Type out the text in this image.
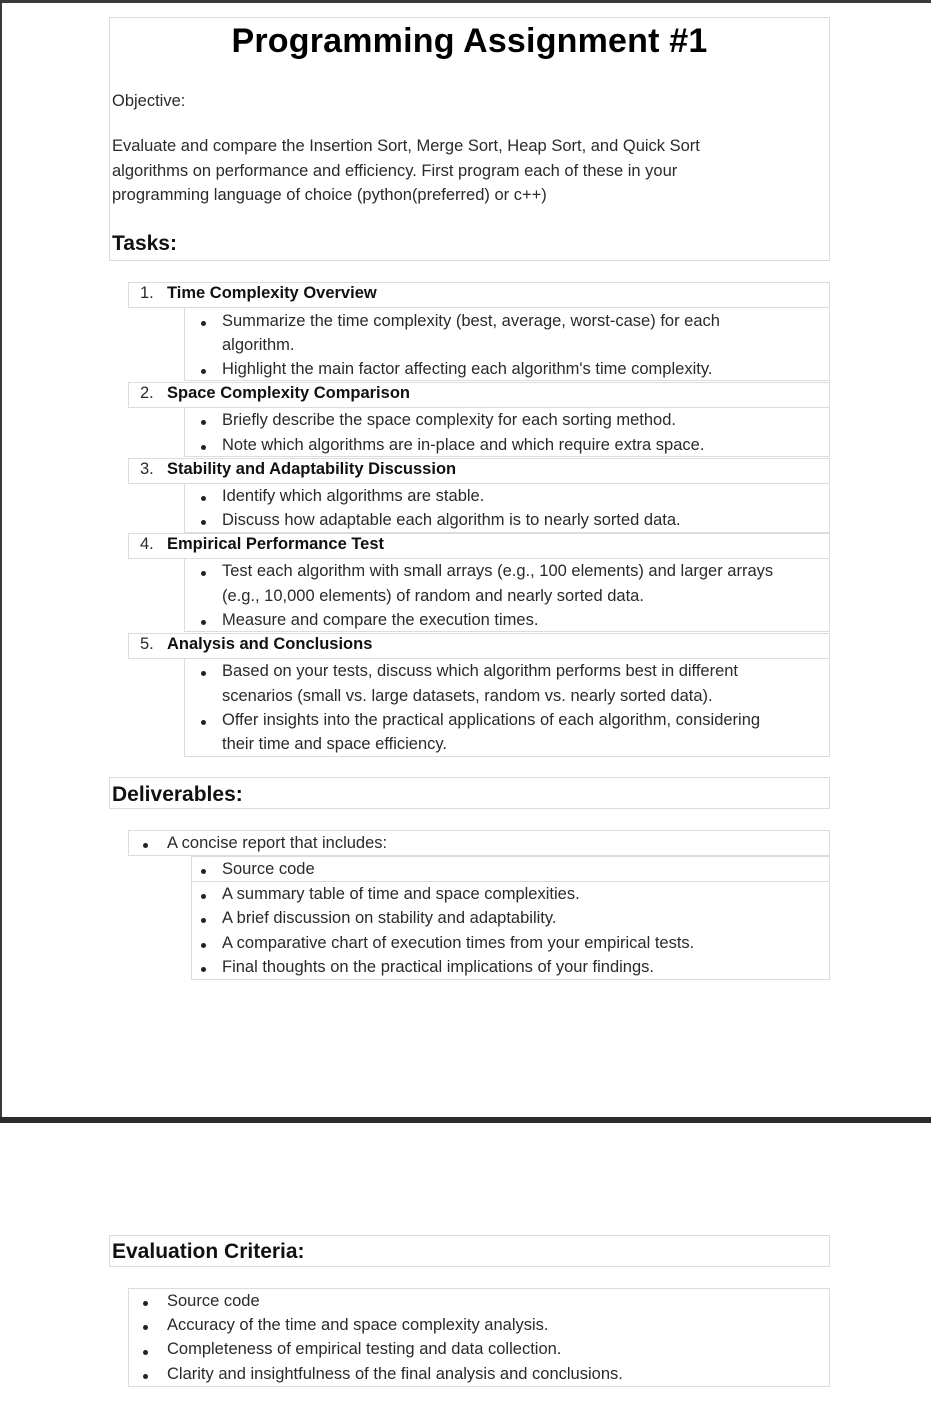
Programming Assignment #1
Objective:
Evaluate and compare the Insertion Sort, Merge Sort, Heap Sort, and Quick Sort
algorithms on performance and efficiency. First program each of these in your
programming language of choice (python(preferred) or c++)
Tasks:
1. Time Complexity Overview
Summarize the time complexity (best, average, worst-case) for each
algorithm.
Highlight the main factor affecting each algorithm's time complexity.
2. Space Complexity Comparison
Briefly describe the space complexity for each sorting method.
Note which algorithms are in-place and which require extra space.
3. Stability and Adaptability Discussion
Identify which algorithms are stable.
Discuss how adaptable each algorithm is to nearly sorted data.
4. Empirical Performance Test
Test each algorithm with small arrays (e.g., 100 elements) and larger arrays
(e.g., 10,000 elements) of random and nearly sorted data.
Measure and compare the execution times.
5. Analysis and Conclusions
Based on your tests, discuss which algorithm performs best in different
scenarios (small vs. large datasets, random vs. nearly sorted data).
Offer insights into the practical applications of each algorithm, considering
their time and space efficiency.
Deliverables:
A concise report that includes:
Source code
A summary table of time and space complexities.
A brief discussion on stability and adaptability.
A comparative chart of execution times from your empirical tests.
Final thoughts on the practical implications of your findings.
Evaluation Criteria:
Source code
Accuracy of the time and space complexity analysis.
Completeness of empirical testing and data collection.
Clarity and insightfulness of the final analysis and conclusions.
